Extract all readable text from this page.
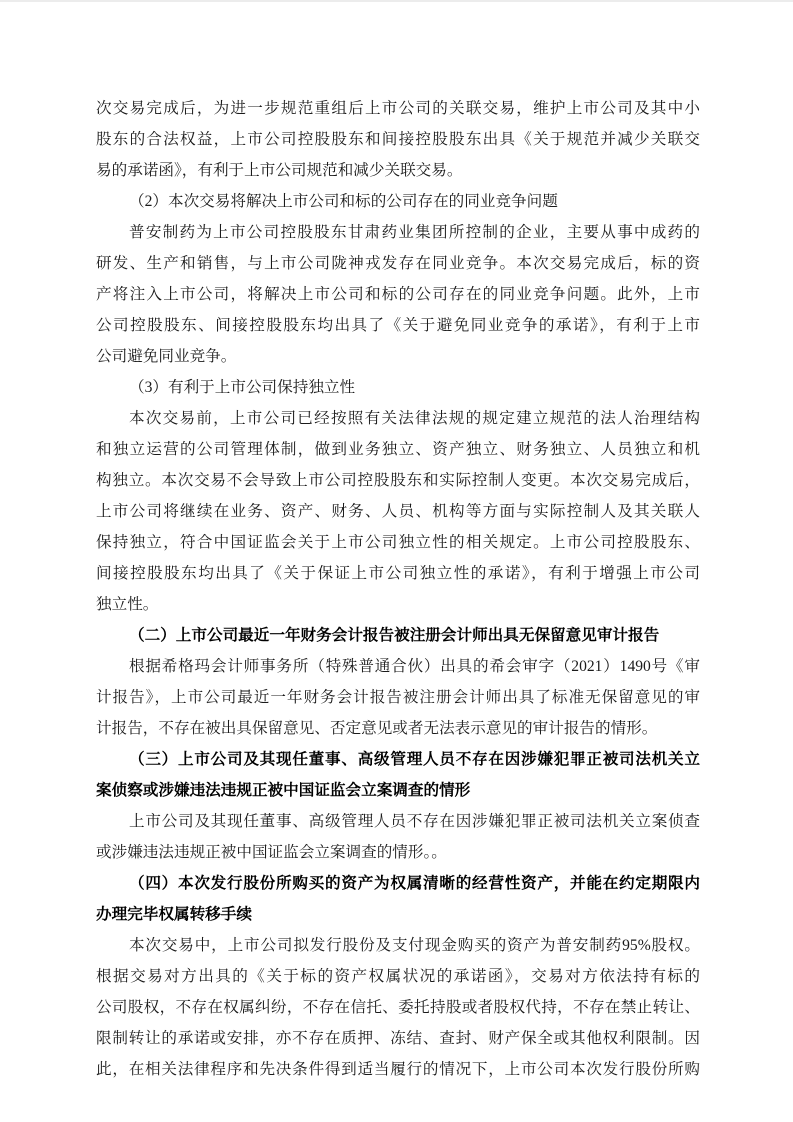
次交易完成后，为进一步规范重组后上市公司的关联交易，维护上市公司及其中小
股东的合法权益，上市公司控股股东和间接控股股东出具《关于规范并减少关联交
易的承诺函》，有利于上市公司规范和减少关联交易。
（2）本次交易将解决上市公司和标的公司存在的同业竞争问题
普安制药为上市公司控股股东甘肃药业集团所控制的企业，主要从事中成药的
研发、生产和销售，与上市公司陇神戎发存在同业竞争。本次交易完成后，标的资
产将注入上市公司，将解决上市公司和标的公司存在的同业竞争问题。此外，上市
公司控股股东、间接控股股东均出具了《关于避免同业竞争的承诺》，有利于上市
公司避免同业竞争。
（3）有利于上市公司保持独立性
本次交易前，上市公司已经按照有关法律法规的规定建立规范的法人治理结构
和独立运营的公司管理体制，做到业务独立、资产独立、财务独立、人员独立和机
构独立。本次交易不会导致上市公司控股股东和实际控制人变更。本次交易完成后，
上市公司将继续在业务、资产、财务、人员、机构等方面与实际控制人及其关联人
保持独立，符合中国证监会关于上市公司独立性的相关规定。上市公司控股股东、
间接控股股东均出具了《关于保证上市公司独立性的承诺》，有利于增强上市公司
独立性。
（二）上市公司最近一年财务会计报告被注册会计师出具无保留意见审计报告
根据希格玛会计师事务所（特殊普通合伙）出具的希会审字（2021）1490号《审
计报告》，上市公司最近一年财务会计报告被注册会计师出具了标准无保留意见的审
计报告，不存在被出具保留意见、否定意见或者无法表示意见的审计报告的情形。
（三）上市公司及其现任董事、高级管理人员不存在因涉嫌犯罪正被司法机关立
案侦察或涉嫌违法违规正被中国证监会立案调查的情形
上市公司及其现任董事、高级管理人员不存在因涉嫌犯罪正被司法机关立案侦查
或涉嫌违法违规正被中国证监会立案调查的情形。。
（四）本次发行股份所购买的资产为权属清晰的经营性资产，并能在约定期限内
办理完毕权属转移手续
本次交易中，上市公司拟发行股份及支付现金购买的资产为普安制药95%股权。
根据交易对方出具的《关于标的资产权属状况的承诺函》，交易对方依法持有标的
公司股权，不存在权属纠纷，不存在信托、委托持股或者股权代持，不存在禁止转让、
限制转让的承诺或安排，亦不存在质押、冻结、查封、财产保全或其他权利限制。因
此，在相关法律程序和先决条件得到适当履行的情况下，上市公司本次发行股份所购
